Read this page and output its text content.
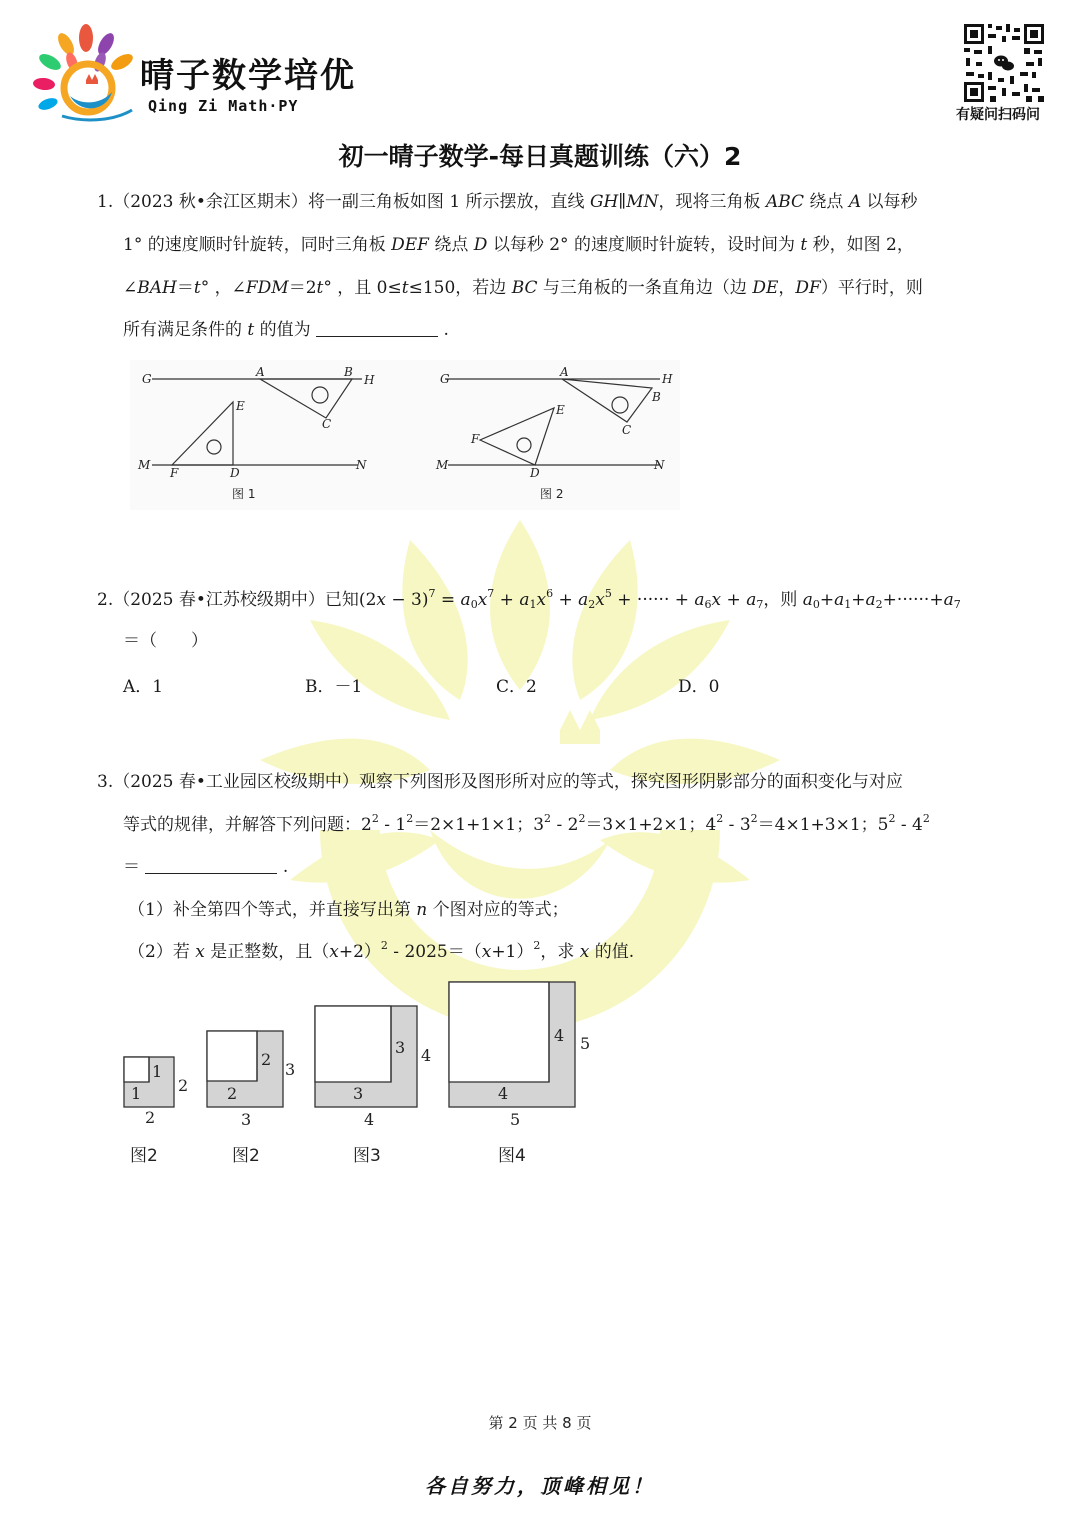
晴子数学培优
Qing Zi Math·PY	有疑问扫码问
初一晴子数学-每日真题训练（六）2
1.（2023 秋•余江区期末）将一副三角板如图 1 所示摆放，直线 GH∥MN，现将三角板 ABC 绕点 A 以每秒
1° 的速度顺时针旋转，同时三角板 DEF 绕点 D 以每秒 2° 的速度顺时针旋转，设时间为 t 秒，如图 2，
∠BAH＝t° ，∠FDM＝2t° ，且 0≤t≤150，若边 BC 与三角板的一条直角边（边 DE，DF）平行时，则
所有满足条件的 t 的值为	.
G	A	B
H
C
E
M
F	D
N
G	A	H
B
C
E
F
M
D
N
图 1	图 2
2.（2025 春•江苏校级期中）已知$(2x - 3)^7 = a_0x^7 + a_1x^6 + a_2x^5$ + ······ + $a_6x + a_7$，则 $a_0+a_1+a_2+\cdot\cdot\cdot\cdot\cdot\cdot+a_7$
＝（　　）
A．1	B．－1	C．2	D．0
3.（2025 春•工业园区校级期中）观察下列图形及图形所对应的等式，探究图形阴影部分的面积变化与对应
等式的规律，并解答下列问题：$2^2 - 1^2=2\times 1+1\times 1$；$3^2 - 2^2=3\times 1+2\times 1$；$4^2 - 3^2=4\times 1+3\times 1$；$5^2 - 4^2$
＝	.
（1）补全第四个等式，并直接写出第 n 个图对应的等式；
（2）若 x 是正整数，且$(x+2)^2 - 2025=(x+1)^2$，求 x 的值.
1
2
1
2
图2
2
3
2
3
图2
3 4
3
4
图3
4 5
4
5
图4
第 2 页 共 8 页
各自努力，顶峰相见！
